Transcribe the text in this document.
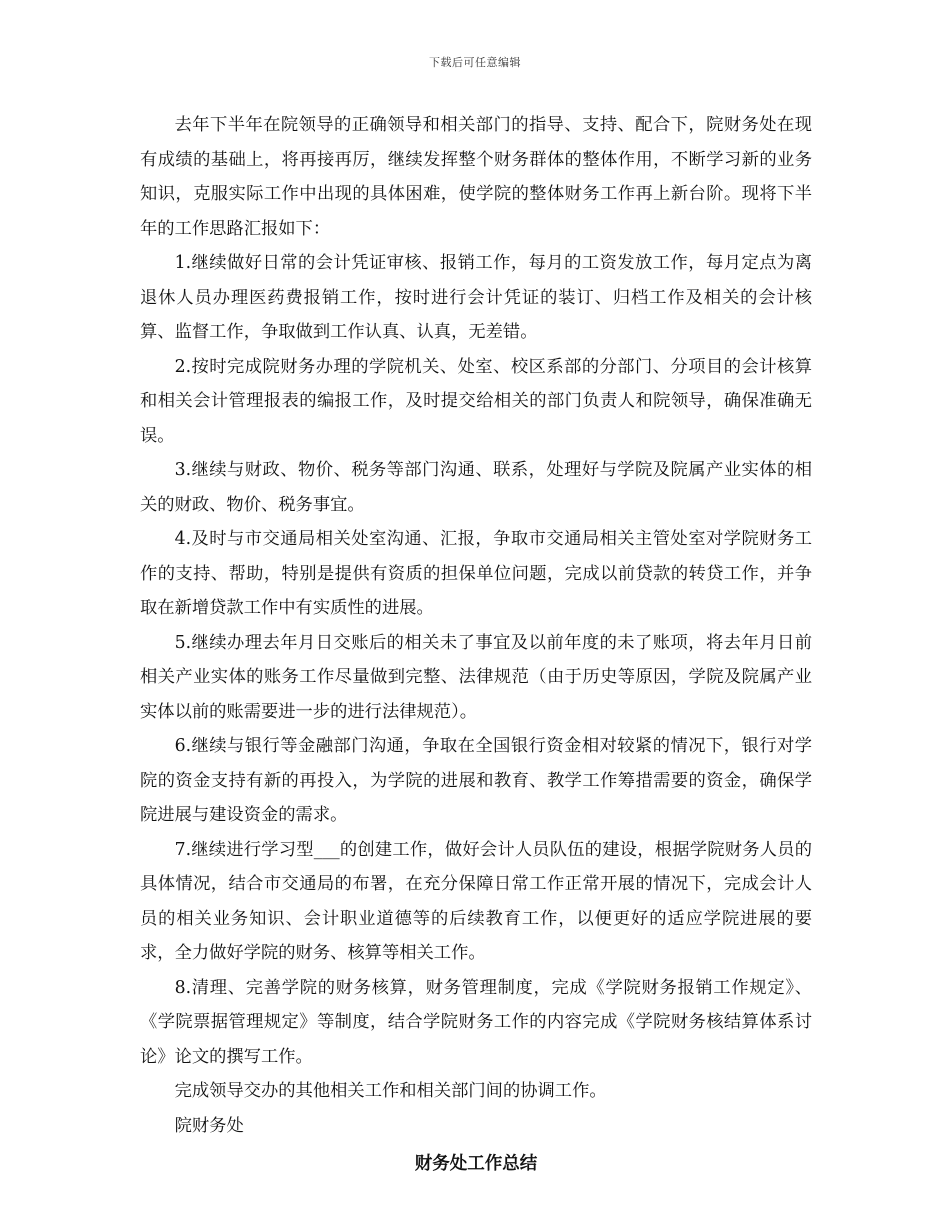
下载后可任意编辑

去年下半年在院领导的正确领导和相关部门的指导、支持、配合下，院财务处在现有成绩的基础上，将再接再厉，继续发挥整个财务群体的整体作用，不断学习新的业务知识，克服实际工作中出现的具体困难，使学院的整体财务工作再上新台阶。现将下半年的工作思路汇报如下：

1.继续做好日常的会计凭证审核、报销工作，每月的工资发放工作，每月定点为离退休人员办理医药费报销工作，按时进行会计凭证的装订、归档工作及相关的会计核算、监督工作，争取做到工作认真、认真，无差错。

2.按时完成院财务办理的学院机关、处室、校区系部的分部门、分项目的会计核算和相关会计管理报表的编报工作，及时提交给相关的部门负责人和院领导，确保准确无误。

3.继续与财政、物价、税务等部门沟通、联系，处理好与学院及院属产业实体的相关的财政、物价、税务事宜。

4.及时与市交通局相关处室沟通、汇报，争取市交通局相关主管处室对学院财务工作的支持、帮助，特别是提供有资质的担保单位问题，完成以前贷款的转贷工作，并争取在新增贷款工作中有实质性的进展。

5.继续办理去年月日交账后的相关未了事宜及以前年度的未了账项，将去年月日前相关产业实体的账务工作尽量做到完整、法律规范（由于历史等原因，学院及院属产业实体以前的账需要进一步的进行法律规范）。

6.继续与银行等金融部门沟通，争取在全国银行资金相对较紧的情况下，银行对学院的资金支持有新的再投入，为学院的进展和教育、教学工作筹措需要的资金，确保学院进展与建设资金的需求。

7.继续进行学习型___的创建工作，做好会计人员队伍的建设，根据学院财务人员的具体情况，结合市交通局的布署，在充分保障日常工作正常开展的情况下，完成会计人员的相关业务知识、会计职业道德等的后续教育工作，以便更好的适应学院进展的要求，全力做好学院的财务、核算等相关工作。

8.清理、完善学院的财务核算，财务管理制度，完成《学院财务报销工作规定》、《学院票据管理规定》等制度，结合学院财务工作的内容完成《学院财务核结算体系讨论》论文的撰写工作。

完成领导交办的其他相关工作和相关部门间的协调工作。

院财务处

财务处工作总结
